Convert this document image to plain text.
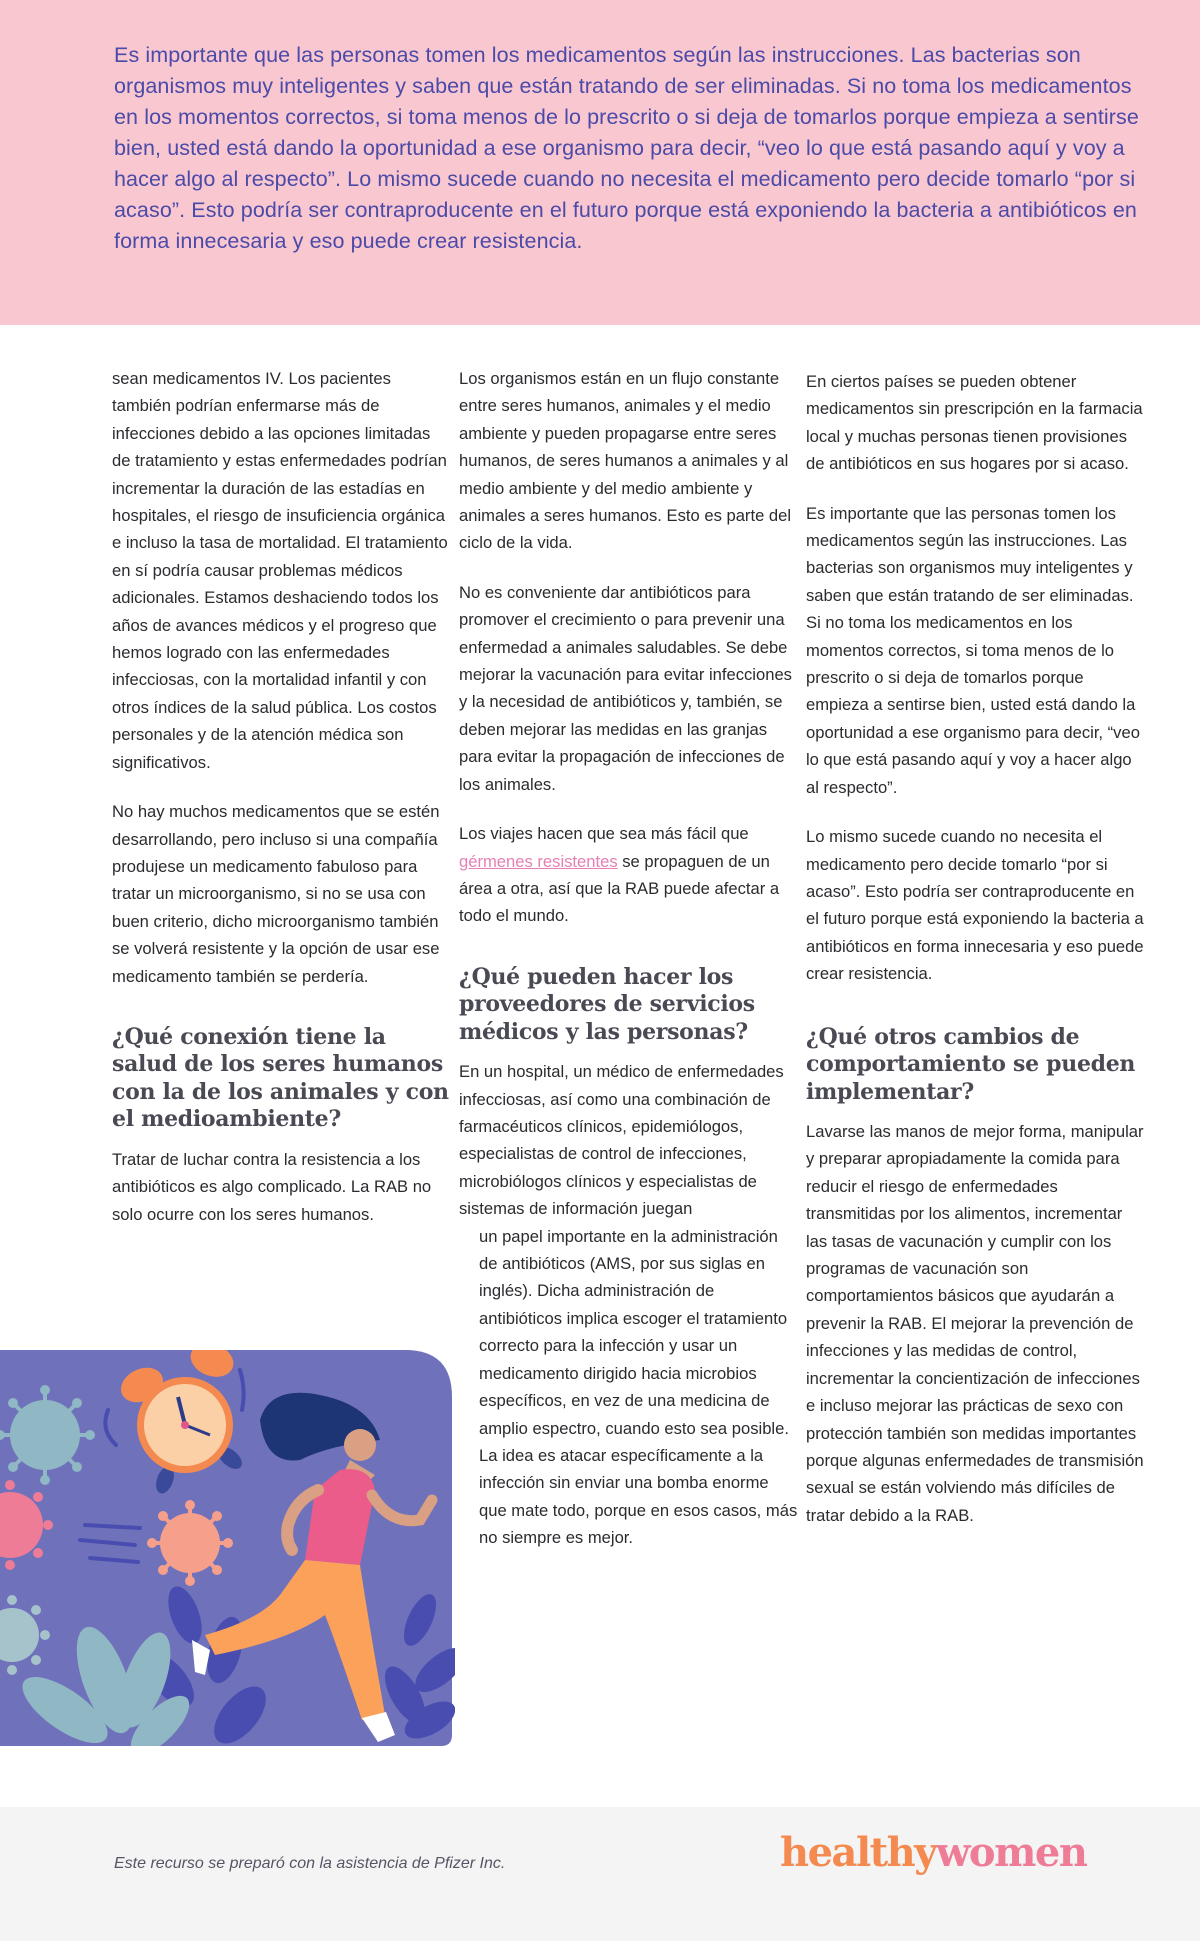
Es importante que las personas tomen los medicamentos según las instrucciones. Las bacterias son organismos muy inteligentes y saben que están tratando de ser eliminadas. Si no toma los medicamentos en los momentos correctos, si toma menos de lo prescrito o si deja de tomarlos porque empieza a sentirse bien, usted está dando la oportunidad a ese organismo para decir, “veo lo que está pasando aquí y voy a hacer algo al respecto”. Lo mismo sucede cuando no necesita el medicamento pero decide tomarlo “por si acaso”. Esto podría ser contraproducente en el futuro porque está exponiendo la bacteria a antibióticos en forma innecesaria y eso puede crear resistencia.

sean medicamentos IV. Los pacientes también podrían enfermarse más de infecciones debido a las opciones limitadas de tratamiento y estas enfermedades podrían incrementar la duración de las estadías en hospitales, el riesgo de insuficiencia orgánica e incluso la tasa de mortalidad. El tratamiento en sí podría causar problemas médicos adicionales. Estamos deshaciendo todos los años de avances médicos y el progreso que hemos logrado con las enfermedades infecciosas, con la mortalidad infantil y con otros índices de la salud pública. Los costos personales y de la atención médica son significativos.

No hay muchos medicamentos que se estén desarrollando, pero incluso si una compañía produjese un medicamento fabuloso para tratar un microorganismo, si no se usa con buen criterio, dicho microorganismo también se volverá resistente y la opción de usar ese medicamento también se perdería.

¿Qué conexión tiene la salud de los seres humanos con la de los animales y con el medioambiente?

Tratar de luchar contra la resistencia a los antibióticos es algo complicado. La RAB no solo ocurre con los seres humanos.

Los organismos están en un flujo constante entre seres humanos, animales y el medio ambiente y pueden propagarse entre seres humanos, de seres humanos a animales y al medio ambiente y del medio ambiente y animales a seres humanos. Esto es parte del ciclo de la vida.

No es conveniente dar antibióticos para promover el crecimiento o para prevenir una enfermedad a animales saludables. Se debe mejorar la vacunación para evitar infecciones y la necesidad de antibióticos y, también, se deben mejorar las medidas en las granjas para evitar la propagación de infecciones de los animales.

Los viajes hacen que sea más fácil que gérmenes resistentes se propaguen de un área a otra, así que la RAB puede afectar a todo el mundo.

¿Qué pueden hacer los proveedores de servicios médicos y las personas?

En un hospital, un médico de enfermedades infecciosas, así como una combinación de farmacéuticos clínicos, epidemiólogos, especialistas de control de infecciones, microbiólogos clínicos y especialistas de sistemas de información juegan

un papel importante en la administración de antibióticos (AMS, por sus siglas en inglés). Dicha administración de antibióticos implica escoger el tratamiento correcto para la infección y usar un medicamento dirigido hacia microbios específicos, en vez de una medicina de amplio espectro, cuando esto sea posible. La idea es atacar específicamente a la infección sin enviar una bomba enorme que mate todo, porque en esos casos, más no siempre es mejor.

En ciertos países se pueden obtener medicamentos sin prescripción en la farmacia local y muchas personas tienen provisiones de antibióticos en sus hogares por si acaso.

Es importante que las personas tomen los medicamentos según las instrucciones. Las bacterias son organismos muy inteligentes y saben que están tratando de ser eliminadas. Si no toma los medicamentos en los momentos correctos, si toma menos de lo prescrito o si deja de tomarlos porque empieza a sentirse bien, usted está dando la oportunidad a ese organismo para decir, “veo lo que está pasando aquí y voy a hacer algo al respecto”.

Lo mismo sucede cuando no necesita el medicamento pero decide tomarlo “por si acaso”. Esto podría ser contraproducente en el futuro porque está exponiendo la bacteria a antibióticos en forma innecesaria y eso puede crear resistencia.

¿Qué otros cambios de comportamiento se pueden implementar?

Lavarse las manos de mejor forma, manipular y preparar apropiadamente la comida para reducir el riesgo de enfermedades transmitidas por los alimentos, incrementar las tasas de vacunación y cumplir con los programas de vacunación son comportamientos básicos que ayudarán a prevenir la RAB. El mejorar la prevención de infecciones y las medidas de control, incrementar la concientización de infecciones e incluso mejorar las prácticas de sexo con protección también son medidas importantes porque algunas enfermedades de transmisión sexual se están volviendo más difíciles de tratar debido a la RAB.

Este recurso se preparó con la asistencia de Pfizer Inc.	healthywomen
